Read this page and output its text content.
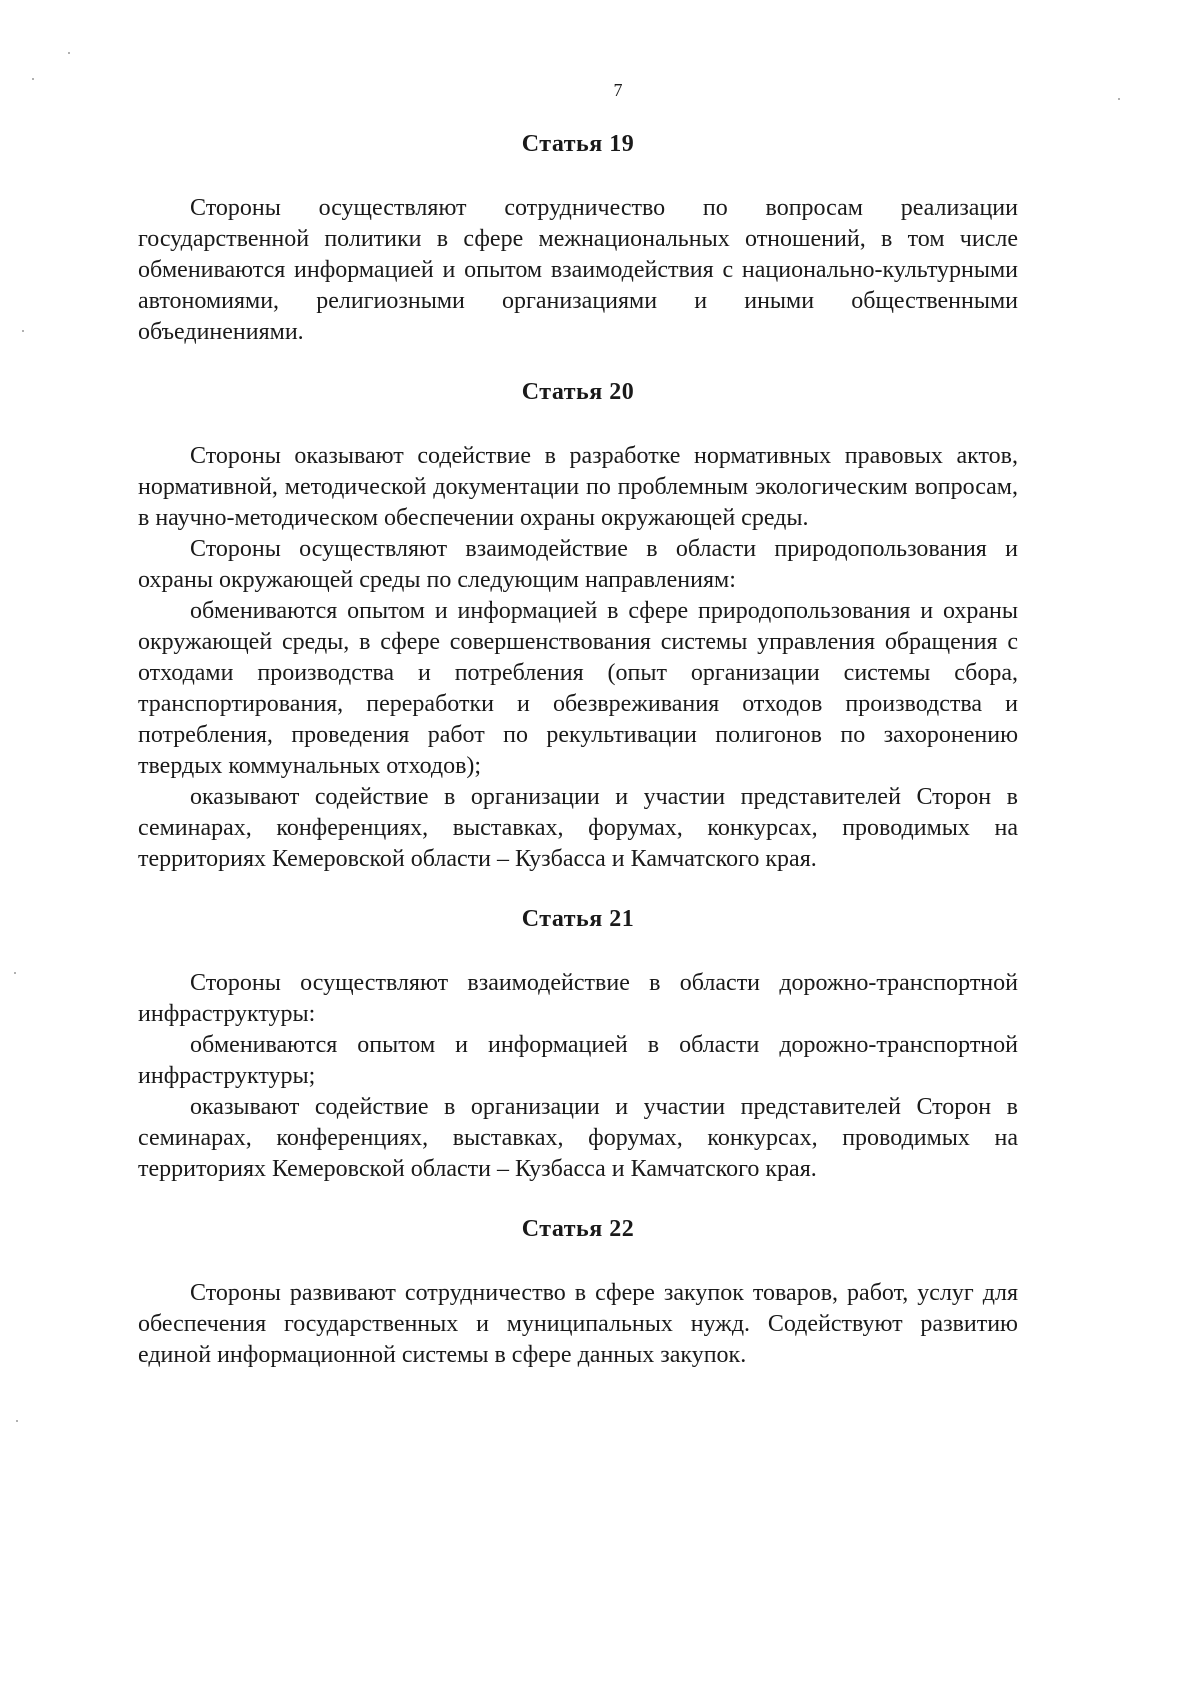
7
Статья 19

Стороны осуществляют сотрудничество по вопросам реализации государственной политики в сфере межнациональных отношений, в том числе обмениваются информацией и опытом взаимодействия с национально-культурными автономиями, религиозными организациями и иными общественными объединениями.

Статья 20

Стороны оказывают содействие в разработке нормативных правовых актов, нормативной, методической документации по проблемным экологическим вопросам, в научно-методическом обеспечении охраны окружающей среды.

Стороны осуществляют взаимодействие в области природопользования и охраны окружающей среды по следующим направлениям:

обмениваются опытом и информацией в сфере природопользования и охраны окружающей среды, в сфере совершенствования системы управления обращения с отходами производства и потребления (опыт организации системы сбора, транспортирования, переработки и обезвреживания отходов производства и потребления, проведения работ по рекультивации полигонов по захоронению твердых коммунальных отходов);

оказывают содействие в организации и участии представителей Сторон в семинарах, конференциях, выставках, форумах, конкурсах, проводимых на территориях Кемеровской области – Кузбасса и Камчатского края.

Статья 21

Стороны осуществляют взаимодействие в области дорожно-транспортной инфраструктуры:

обмениваются опытом и информацией в области дорожно-транспортной инфраструктуры;

оказывают содействие в организации и участии представителей Сторон в семинарах, конференциях, выставках, форумах, конкурсах, проводимых на территориях Кемеровской области – Кузбасса и Камчатского края.

Статья 22

Стороны развивают сотрудничество в сфере закупок товаров, работ, услуг для обеспечения государственных и муниципальных нужд. Содействуют развитию единой информационной системы в сфере данных закупок.
